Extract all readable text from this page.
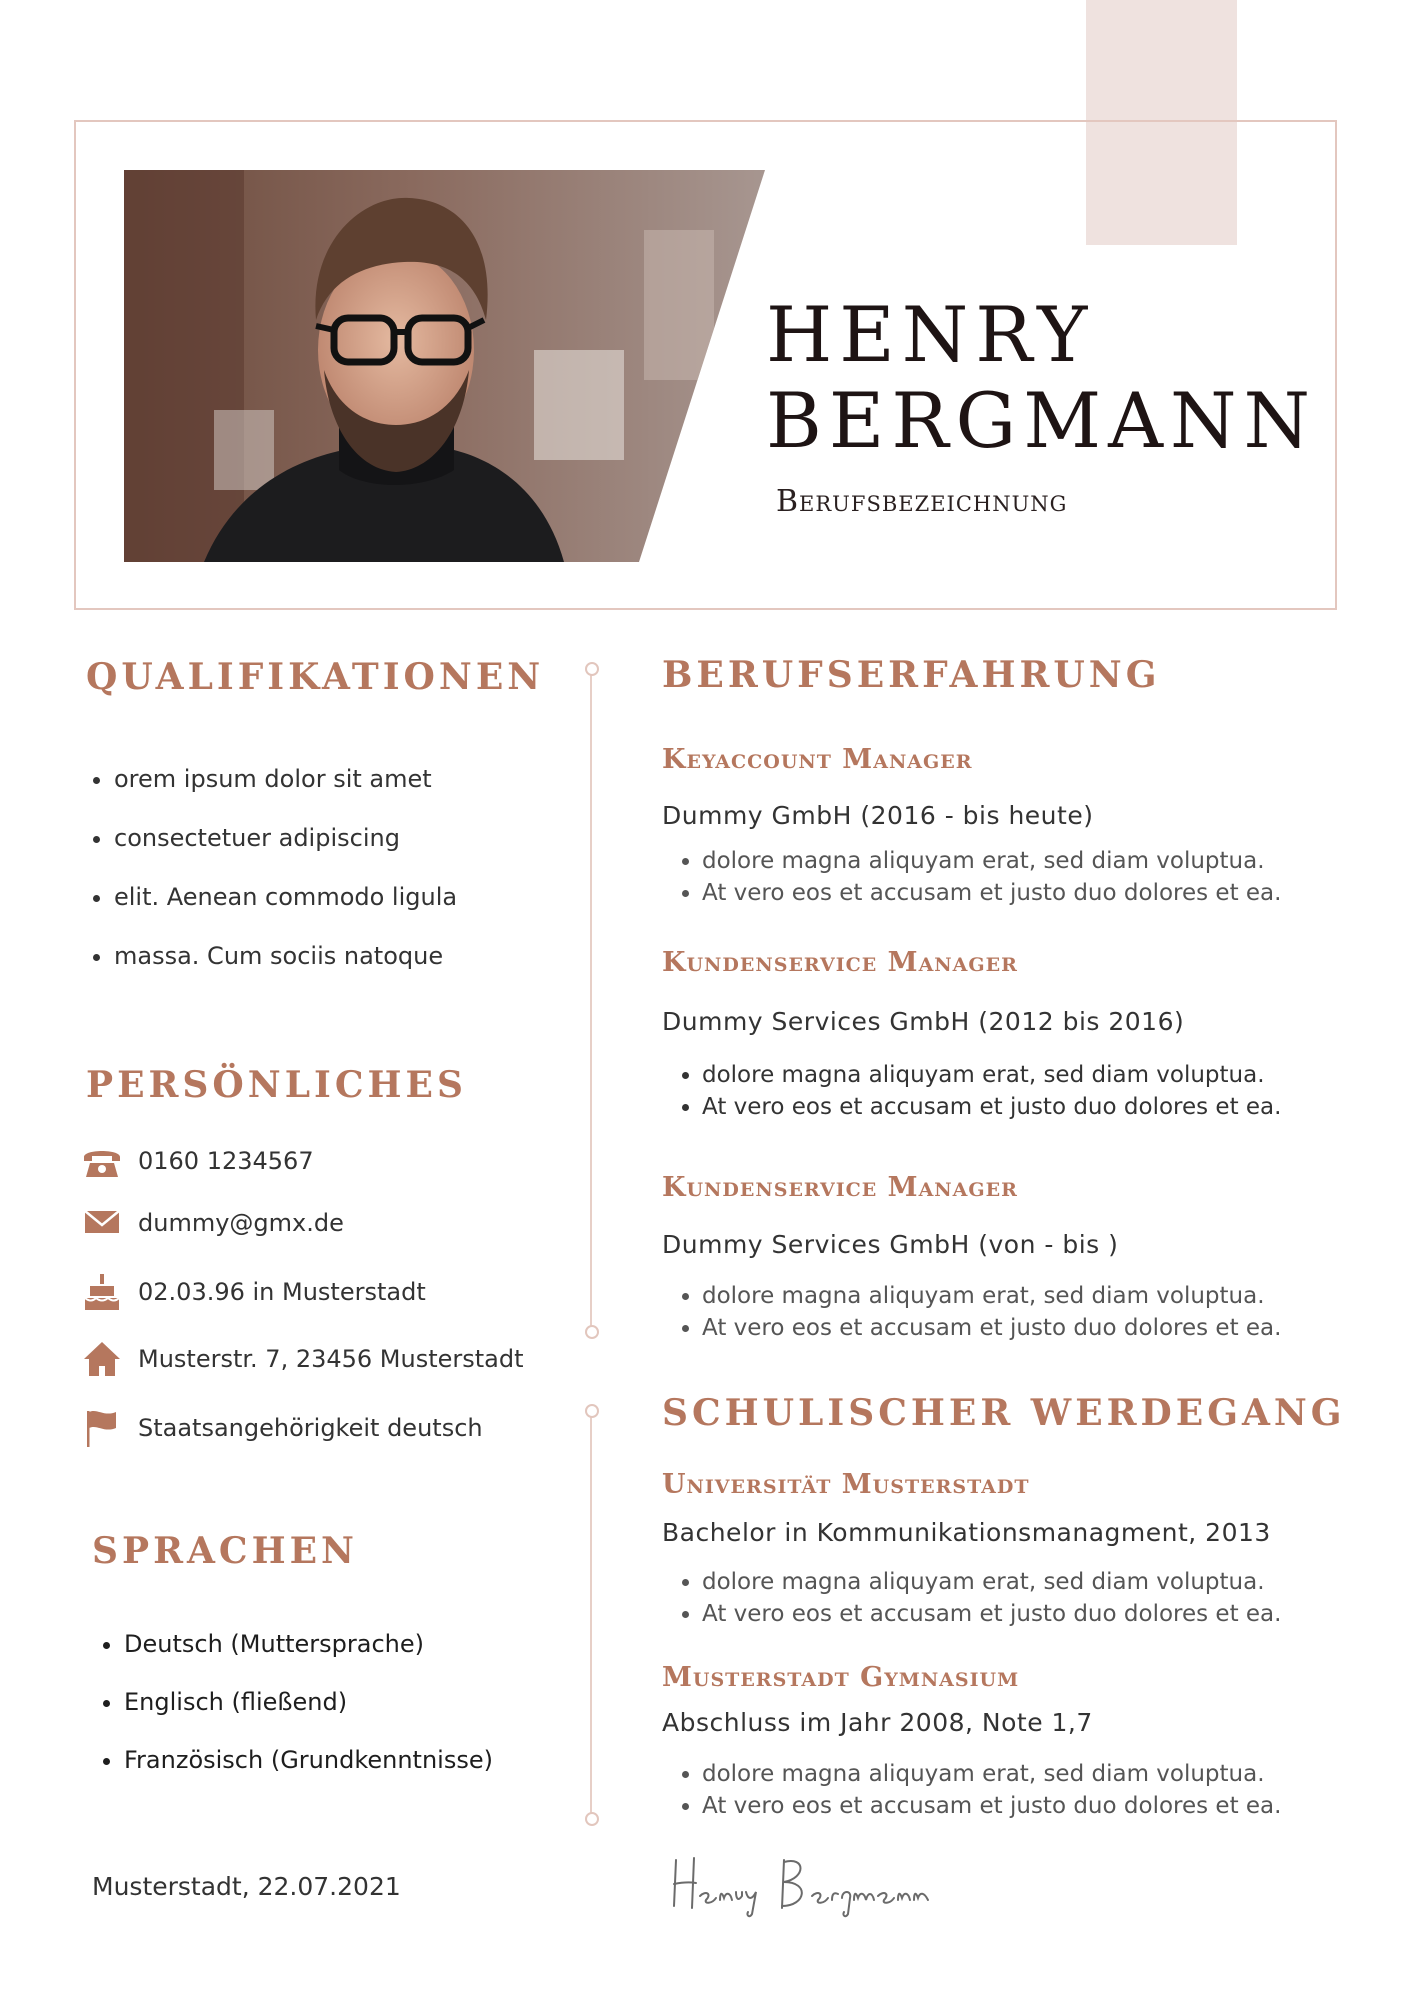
HENRY
BERGMANN
Berufsbezeichnung
QUALIFIKATIONEN
• orem ipsum dolor sit amet
• consectetuer adipiscing
• elit. Aenean commodo ligula
• massa. Cum sociis natoque
PERSÖNLICHES
0160 1234567
dummy@gmx.de
02.03.96 in Musterstadt
Musterstr. 7, 23456 Musterstadt
Staatsangehörigkeit deutsch
SPRACHEN
• Deutsch (Muttersprache)
• Englisch (fließend)
• Französisch (Grundkenntnisse)
BERUFSERFAHRUNG
Keyaccount Manager
Dummy GmbH (2016 - bis heute)
• dolore magna aliquyam erat, sed diam voluptua.
• At vero eos et accusam et justo duo dolores et ea.
Kundenservice Manager
Dummy Services GmbH (2012 bis 2016)
• dolore magna aliquyam erat, sed diam voluptua.
• At vero eos et accusam et justo duo dolores et ea.
Kundenservice Manager
Dummy Services GmbH (von - bis )
• dolore magna aliquyam erat, sed diam voluptua.
• At vero eos et accusam et justo duo dolores et ea.
SCHULISCHER WERDEGANG
Universität Musterstadt
Bachelor in Kommunikationsmanagment, 2013
• dolore magna aliquyam erat, sed diam voluptua.
• At vero eos et accusam et justo duo dolores et ea.
Musterstadt Gymnasium
Abschluss im Jahr 2008, Note 1,7
• dolore magna aliquyam erat, sed diam voluptua.
• At vero eos et accusam et justo duo dolores et ea.
Musterstadt, 22.07.2021
